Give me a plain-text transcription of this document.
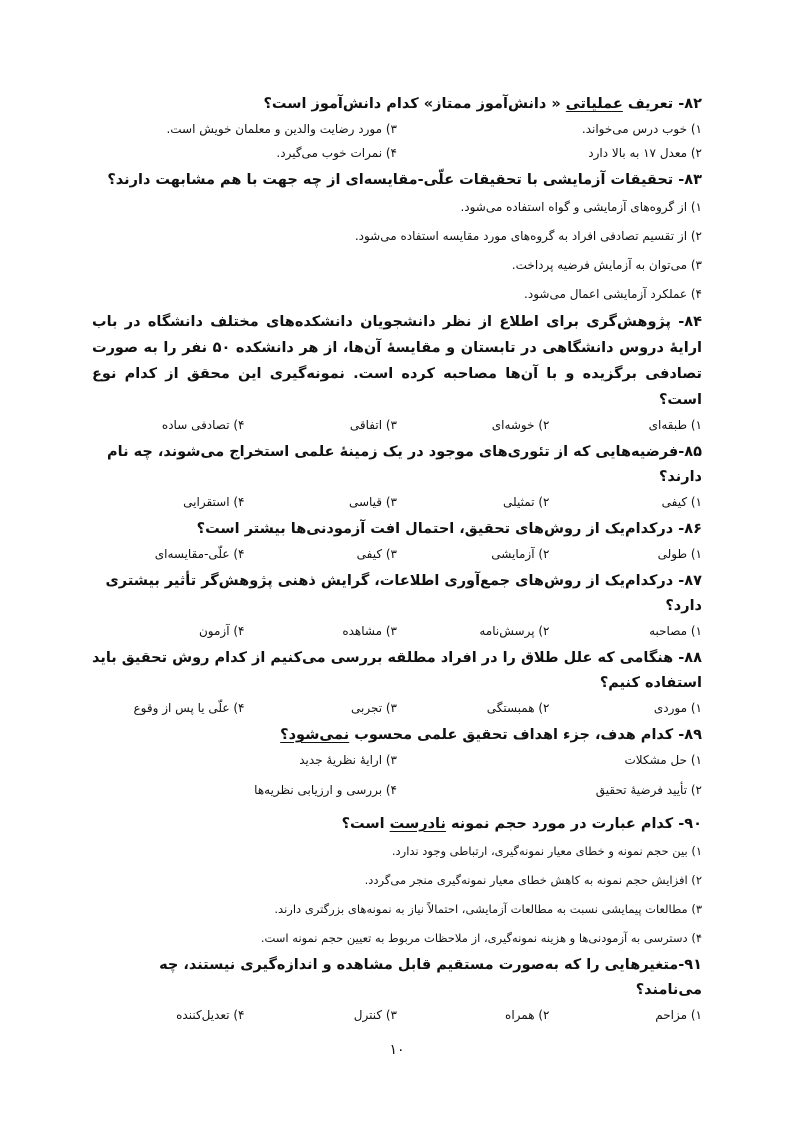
۸۲- تعریف عملیاتی « دانش‌آموز ممتاز» کدام دانش‌آموز است؟

۱) خوب درس می‌خواند.
۳) مورد رضایت والدین و معلمان خویش است.
۲) معدل ۱۷ به بالا دارد
۴) نمرات خوب می‌گیرد.

۸۳- تحقیقات آزمایشی با تحقیقات علّی-مقایسه‌ای از چه جهت با هم مشابهت دارند؟

۱) از گروه‌های آزمایشی و گواه استفاده می‌شود.
۲) از تقسیم تصادفی افراد به گروه‌های مورد مقایسه استفاده می‌شود.
۳) می‌توان به آزمایش فرضیه پرداخت.
۴) عملکرد آزمایشی اعمال می‌شود.

۸۴- پژوهش‌گری برای اطلاع از نظر دانشجویان دانشکده‌های مختلف دانشگاه در باب ارایهٔ دروس دانشگاهی در تابستان و مقایسهٔ آن‌ها، از هر دانشکده ۵۰ نفر را به صورت تصادفی برگزیده و با آن‌ها مصاحبه کرده است. نمونه‌گیری این محقق از کدام نوع است؟

۱) طبقه‌ای
۲) خوشه‌ای
۳) اتفاقی
۴) تصادفی ساده

۸۵-فرضیه‌هایی که از تئوری‌های موجود در یک زمینهٔ علمی استخراج می‌شوند، چه نام دارند؟

۱) کیفی
۲) تمثیلی
۳) قیاسی
۴) استقرایی

۸۶- درکدام‌یک از روش‌های تحقیق، احتمال افت آزمودنی‌ها بیشتر است؟

۱) طولی
۲) آزمایشی
۳) کیفی
۴) علّی-مقایسه‌ای

۸۷- درکدام‌یک از روش‌های جمع‌آوری اطلاعات، گرایش ذهنی پژوهش‌گر تأثیر بیشتری دارد؟

۱) مصاحبه
۲) پرسش‌نامه
۳) مشاهده
۴) آزمون

۸۸- هنگامی که علل طلاق را در افراد مطلقه بررسی می‌کنیم از کدام روش تحقیق باید استفاده کنیم؟

۱) موردی
۲) همبستگی
۳) تجربی
۴) علّی یا پس از وقوع

۸۹- کدام هدف، جزء اهداف تحقیق علمی محسوب نمی‌شود؟

۱) حل مشکلات
۳) ارایهٔ نظریهٔ جدید
۲) تأیید فرضیهٔ تحقیق
۴) بررسی و ارزیابی نظریه‌ها

۹۰- کدام عبارت در مورد حجم نمونه نادرست است؟

۱) بین حجم نمونه و خطای معیار نمونه‌گیری، ارتباطی وجود ندارد.
۲) افزایش حجم نمونه به کاهش خطای معیار نمونه‌گیری منجر می‌گردد.
۳) مطالعات پیمایشی نسبت به مطالعات آزمایشی، احتمالاً نیاز به نمونه‌های بزرگتری دارند.
۴) دسترسی به آزمودنی‌ها و هزینه نمونه‌گیری، از ملاحظات مربوط به تعیین حجم نمونه است.

۹۱-متغیرهایی را که به‌صورت مستقیم قابل مشاهده و اندازه‌گیری نیستند، چه می‌نامند؟

۱) مزاحم
۲) همراه
۳) کنترل
۴) تعدیل‌کننده
۱۰
